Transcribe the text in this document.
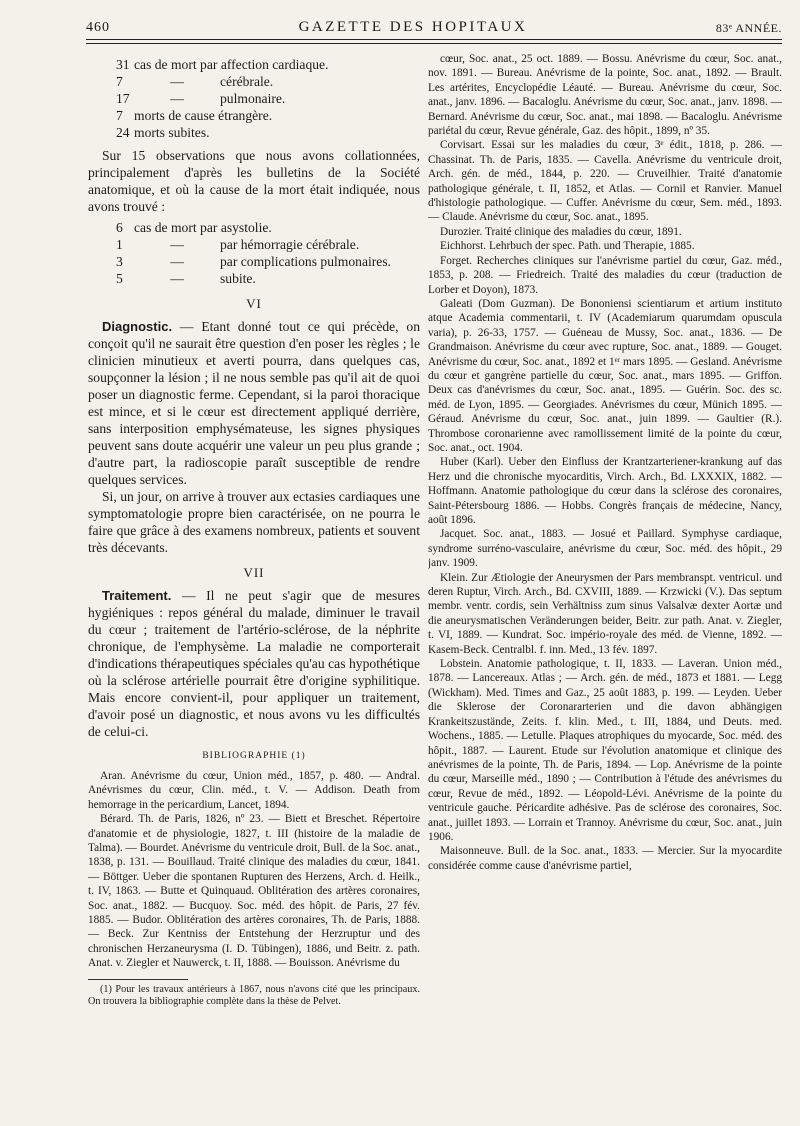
460	GAZETTE DES HOPITAUX	83ᵉ ANNÉE.
31 cas de mort par affection cardiaque.
7	—	cérébrale.
17	—	pulmonaire.
7 morts de cause étrangère.
24 morts subites.

Sur 15 observations que nous avons collationnées, principalement d'après les bulletins de la Société anatomique, et où la cause de la mort était indiquée, nous avons trouvé :

6 cas de mort par asystolie.
1	—	par hémorragie cérébrale.
3	—	par complications pulmonaires.
5	—	subite.
VI

Diagnostic. — Etant donné tout ce qui précède, on conçoit qu'il ne saurait être question d'en poser les règles ; le clinicien minutieux et averti pourra, dans quelques cas, soupçonner la lésion ; il ne nous semble pas qu'il ait de quoi poser un diagnostic ferme. Cependant, si la paroi thoracique est mince, et si le cœur est directement appliqué derrière, sans interposition emphysémateuse, les signes physiques peuvent sans doute acquérir une valeur un peu plus grande ; d'autre part, la radioscopie paraît susceptible de rendre quelques services.

Si, un jour, on arrive à trouver aux ectasies cardiaques une symptomatologie propre bien caractérisée, on ne pourra le faire que grâce à des examens nombreux, patients et souvent très décevants.

VII

Traitement. — Il ne peut s'agir que de mesures hygiéniques : repos général du malade, diminuer le travail du cœur ; traitement de l'artério-sclérose, de la néphrite chronique, de l'emphysème. La maladie ne comporterait d'indications thérapeutiques spéciales qu'au cas hypothétique où la sclérose artérielle pourrait être d'origine syphilitique. Mais encore convient-il, pour appliquer un traitement, d'avoir posé un diagnostic, et nous avons vu les difficultés de celui-ci.

BIBLIOGRAPHIE (1)

Aran. Anévrisme du cœur, Union méd., 1857, p. 480. — Andral. Anévrismes du cœur, Clin. méd., t. V. — Addison. Death from hemorrage in the pericardium, Lancet, 1894.

Bérard. Th. de Paris, 1826, nº 23. — Biett et Breschet. Répertoire d'anatomie et de physiologie, 1827, t. III (histoire de la maladie de Talma). — Bourdet. Anévrisme du ventricule droit, Bull. de la Soc. anat., 1838, p. 131. — Bouillaud. Traité clinique des maladies du cœur, 1841. — Böttger. Ueber die spontanen Rupturen des Herzens, Arch. d. Heilk., t. IV, 1863. — Butte et Quinquaud. Oblitération des artères coronaires, Soc. anat., 1882. — Bucquoy. Soc. méd. des hôpit. de Paris, 27 fév. 1885. — Budor. Oblitération des artères coronaires, Th. de Paris, 1888. — Beck. Zur Kentniss der Entstehung der Herzruptur und des chronischen Herzaneurysma (I. D. Tübingen), 1886, und Beitr. z. path. Anat. v. Ziegler et Nauwerck, t. II, 1888. — Bouisson. Anévrisme du

(1) Pour les travaux antérieurs à 1867, nous n'avons cité que les principaux. On trouvera la bibliographie complète dans la thèse de Pelvet.

cœur, Soc. anat., 25 oct. 1889. — Bossu. Anévrisme du cœur, Soc. anat., nov. 1891. — Bureau. Anévrisme de la pointe, Soc. anat., 1892. — Brault. Les artérites, Encyclopédie Léauté. — Bureau. Anévrisme du cœur, Soc. anat., janv. 1896. — Bacaloglu. Anévrisme du cœur, Soc. anat., janv. 1898. — Bernard. Anévrisme du cœur, Soc. anat., mai 1898. — Bacaloglu. Anévrisme pariétal du cœur, Revue générale, Gaz. des hôpit., 1899, nº 35.

Corvisart. Essai sur les maladies du cœur, 3ᵉ édit., 1818, p. 286. — Chassinat. Th. de Paris, 1835. — Cavella. Anévrisme du ventricule droit, Arch. gén. de méd., 1844, p. 220. — Cruveilhier. Traité d'anatomie pathologique générale, t. II, 1852, et Atlas. — Cornil et Ranvier. Manuel d'histologie pathologique. — Cuffer. Anévrisme du cœur, Sem. méd., 1893. — Claude. Anévrisme du cœur, Soc. anat., 1895.

Durozier. Traité clinique des maladies du cœur, 1891.

Eichhorst. Lehrbuch der spec. Path. und Therapie, 1885.

Forget. Recherches cliniques sur l'anévrisme partiel du cœur, Gaz. méd., 1853, p. 208. — Friedreich. Traité des maladies du cœur (traduction de Lorber et Doyon), 1873.

Galeati (Dom Guzman). De Bononiensi scientiarum et artium instituto atque Academia commentarii, t. IV (Academiarum quarumdam opuscula varia), p. 26-33, 1757. — Guéneau de Mussy, Soc. anat., 1836. — De Grandmaison. Anévrisme du cœur avec rupture, Soc. anat., 1889. — Gouget. Anévrisme du cœur, Soc. anat., 1892 et 1ᵉʳ mars 1895. — Gesland. Anévrisme du cœur et gangrène partielle du cœur, Soc. anat., mars 1895. — Griffon. Deux cas d'anévrismes du cœur, Soc. anat., 1895. — Guérin. Soc. des sc. méd. de Lyon, 1895. — Georgiades. Anévrismes du cœur, Münich 1895. — Géraud. Anévrisme du cœur, Soc. anat., juin 1899. — Gaultier (R.). Thrombose coronarienne avec ramollissement limité de la pointe du cœur, Soc. anat., oct. 1904.

Huber (Karl). Ueber den Einfluss der Krantzarteriener-krankung auf das Herz und die chronische myocarditis, Virch. Arch., Bd. LXXXIX, 1882. — Hoffmann. Anatomie pathologique du cœur dans la sclérose des coronaires, Saint-Pétersbourg 1886. — Hobbs. Congrès français de médecine, Nancy, août 1896.

Jacquet. Soc. anat., 1883. — Josué et Paillard. Symphyse cardiaque, syndrome surréno-vasculaire, anévrisme du cœur, Soc. méd. des hôpit., 29 janv. 1909.

Klein. Zur Ætiologie der Aneurysmen der Pars membranspt. ventricul. und deren Ruptur, Virch. Arch., Bd. CXVIII, 1889. — Krzwicki (V.). Das septum membr. ventr. cordis, sein Verhältniss zum sinus Valsalvæ dexter Aortæ und die aneurysmatischen Veränderungen beider, Beitr. zur path. Anat. v. Ziegler, t. VI, 1889. — Kundrat. Soc. império-royale des méd. de Vienne, 1892. — Kasem-Beck. Centralbl. f. inn. Med., 13 fév. 1897.

Lobstein. Anatomie pathologique, t. II, 1833. — Laveran. Union méd., 1878. — Lancereaux. Atlas ; — Arch. gén. de méd., 1873 et 1881. — Legg (Wickham). Med. Times and Gaz., 25 août 1883, p. 199. — Leyden. Ueber die Sklerose der Coronararterien und die davon abhängigen Krankeitszustände, Zeits. f. klin. Med., t. III, 1884, und Deuts. med. Wochens., 1885. — Letulle. Plaques atrophiques du myocarde, Soc. méd. des hôpit., 1887. — Laurent. Etude sur l'évolution anatomique et clinique des anévrismes de la pointe, Th. de Paris, 1894. — Lop. Anévrisme de la pointe du cœur, Marseille méd., 1890 ; — Contribution à l'étude des anévrismes du cœur, Revue de méd., 1892. — Léopold-Lévi. Anévrisme de la pointe du ventricule gauche. Péricardite adhésive. Pas de sclérose des coronaires, Soc. anat., juillet 1893. — Lorrain et Trannoy. Anévrisme du cœur, Soc. anat., juin 1906.

Maisonneuve. Bull. de la Soc. anat., 1833. — Mercier. Sur la myocardite considérée comme cause d'anévrisme partiel,
